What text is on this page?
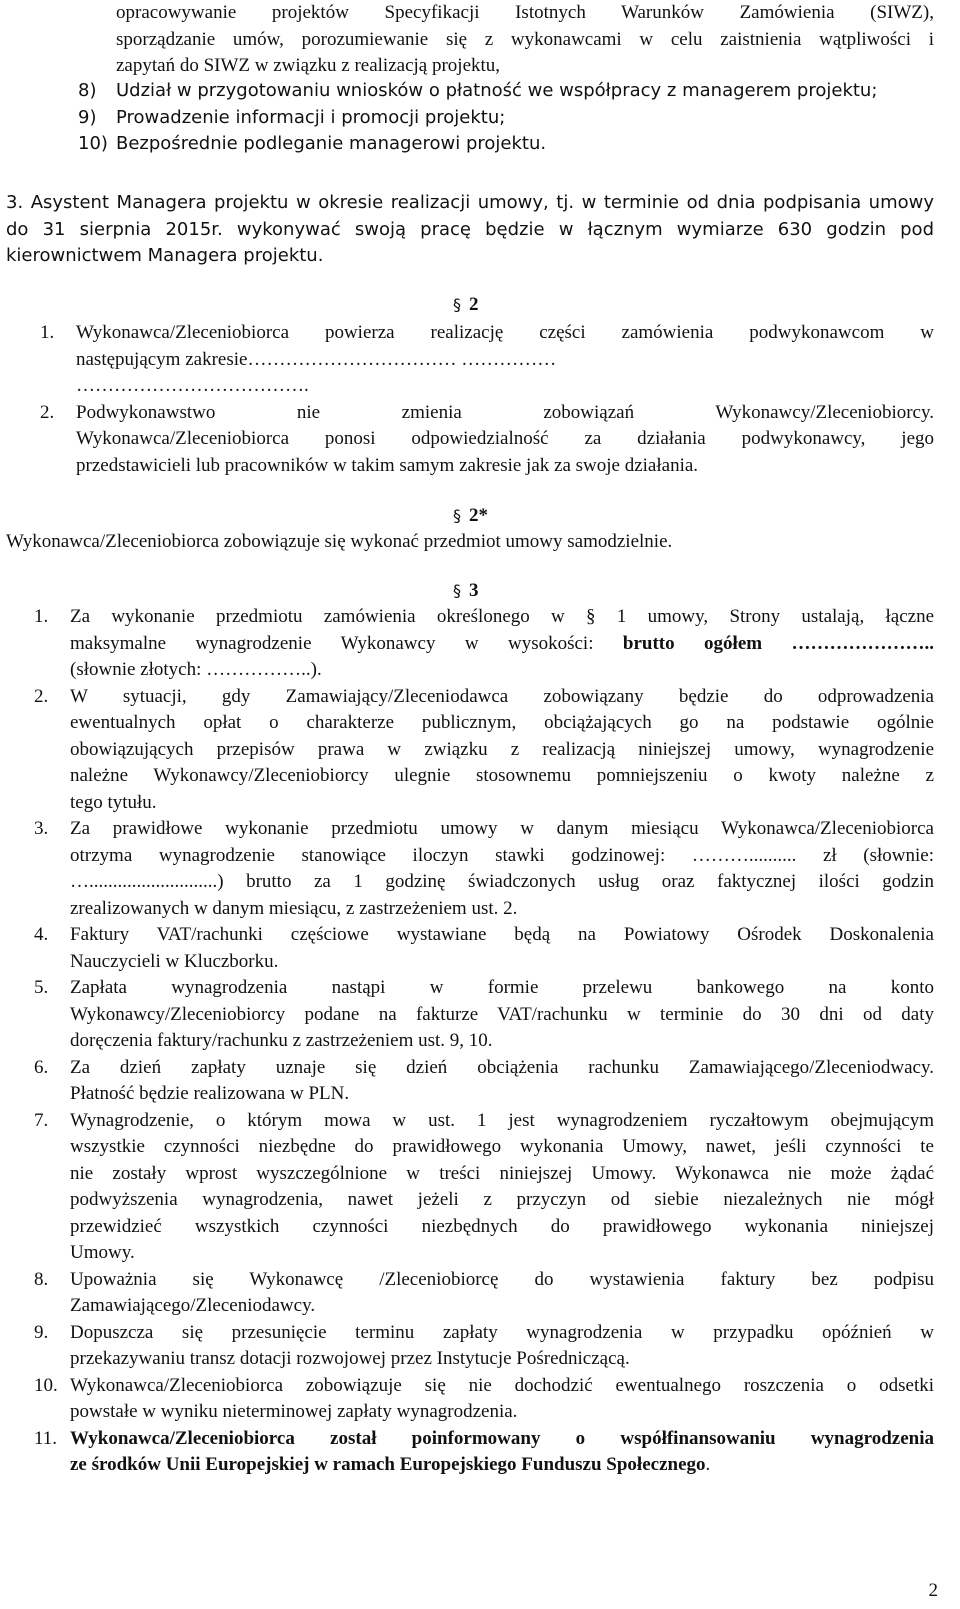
opracowywanie projektów Specyfikacji Istotnych Warunków Zamówienia (SIWZ),
sporządzanie umów, porozumiewanie się z wykonawcami w celu zaistnienia wątpliwości i
zapytań do SIWZ w związku z realizacją projektu,
8) Udział w przygotowaniu wniosków o płatność we współpracy z managerem projektu;
9) Prowadzenie informacji i promocji projektu;
10) Bezpośrednie podleganie managerowi projektu.
3. Asystent Managera projektu w okresie realizacji umowy, tj. w terminie od dnia podpisania umowy
do 31 sierpnia 2015r. wykonywać swoją pracę będzie w łącznym wymiarze 630 godzin pod
kierownictwem Managera projektu.
§ 2
1. Wykonawca/Zleceniobiorca powierza realizację części zamówienia podwykonawcom w
następującym zakresie…………………………… ……………
……………………………….
2. Podwykonawstwo nie zmienia zobowiązań Wykonawcy/Zleceniobiorcy.
Wykonawca/Zleceniobiorca ponosi odpowiedzialność za działania podwykonawcy, jego
przedstawicieli lub pracowników w takim samym zakresie jak za swoje działania.
§ 2*
Wykonawca/Zleceniobiorca zobowiązuje się wykonać przedmiot umowy samodzielnie.
§ 3
1. Za wykonanie przedmiotu zamówienia określonego w § 1 umowy, Strony ustalają, łączne
maksymalne wynagrodzenie Wykonawcy w wysokości: brutto ogółem …………………..
(słownie złotych: ……………..).
2. W sytuacji, gdy Zamawiający/Zleceniodawca zobowiązany będzie do odprowadzenia
ewentualnych opłat o charakterze publicznym, obciążających go na podstawie ogólnie
obowiązujących przepisów prawa w związku z realizacją niniejszej umowy, wynagrodzenie
należne Wykonawcy/Zleceniobiorcy ulegnie stosownemu pomniejszeniu o kwoty należne z
tego tytułu.
3. Za prawidłowe wykonanie przedmiotu umowy w danym miesiącu Wykonawca/Zleceniobiorca
otrzyma wynagrodzenie stanowiące iloczyn stawki godzinowej: ……….......... zł (słownie:
…...........................) brutto za 1 godzinę świadczonych usług oraz faktycznej ilości godzin
zrealizowanych w danym miesiącu, z zastrzeżeniem ust. 2.
4. Faktury VAT/rachunki częściowe wystawiane będą na Powiatowy Ośrodek Doskonalenia
Nauczycieli w Kluczborku.
5. Zapłata wynagrodzenia nastąpi w formie przelewu bankowego na konto
Wykonawcy/Zleceniobiorcy podane na fakturze VAT/rachunku w terminie do 30 dni od daty
doręczenia faktury/rachunku z zastrzeżeniem ust. 9, 10.
6. Za dzień zapłaty uznaje się dzień obciążenia rachunku Zamawiającego/Zleceniodwacy.
Płatność będzie realizowana w PLN.
7. Wynagrodzenie, o którym mowa w ust. 1 jest wynagrodzeniem ryczałtowym obejmującym
wszystkie czynności niezbędne do prawidłowego wykonania Umowy, nawet, jeśli czynności te
nie zostały wprost wyszczególnione w treści niniejszej Umowy. Wykonawca nie może żądać
podwyższenia wynagrodzenia, nawet jeżeli z przyczyn od siebie niezależnych nie mógł
przewidzieć wszystkich czynności niezbędnych do prawidłowego wykonania niniejszej
Umowy.
8. Upoważnia się Wykonawcę /Zleceniobiorcę do wystawienia faktury bez podpisu
Zamawiającego/Zleceniodawcy.
9. Dopuszcza się przesunięcie terminu zapłaty wynagrodzenia w przypadku opóźnień w
przekazywaniu transz dotacji rozwojowej przez Instytucje Pośredniczącą.
10. Wykonawca/Zleceniobiorca zobowiązuje się nie dochodzić ewentualnego roszczenia o odsetki
powstałe w wyniku nieterminowej zapłaty wynagrodzenia.
11. Wykonawca/Zleceniobiorca został poinformowany o współfinansowaniu wynagrodzenia
ze środków Unii Europejskiej w ramach Europejskiego Funduszu Społecznego.
2
